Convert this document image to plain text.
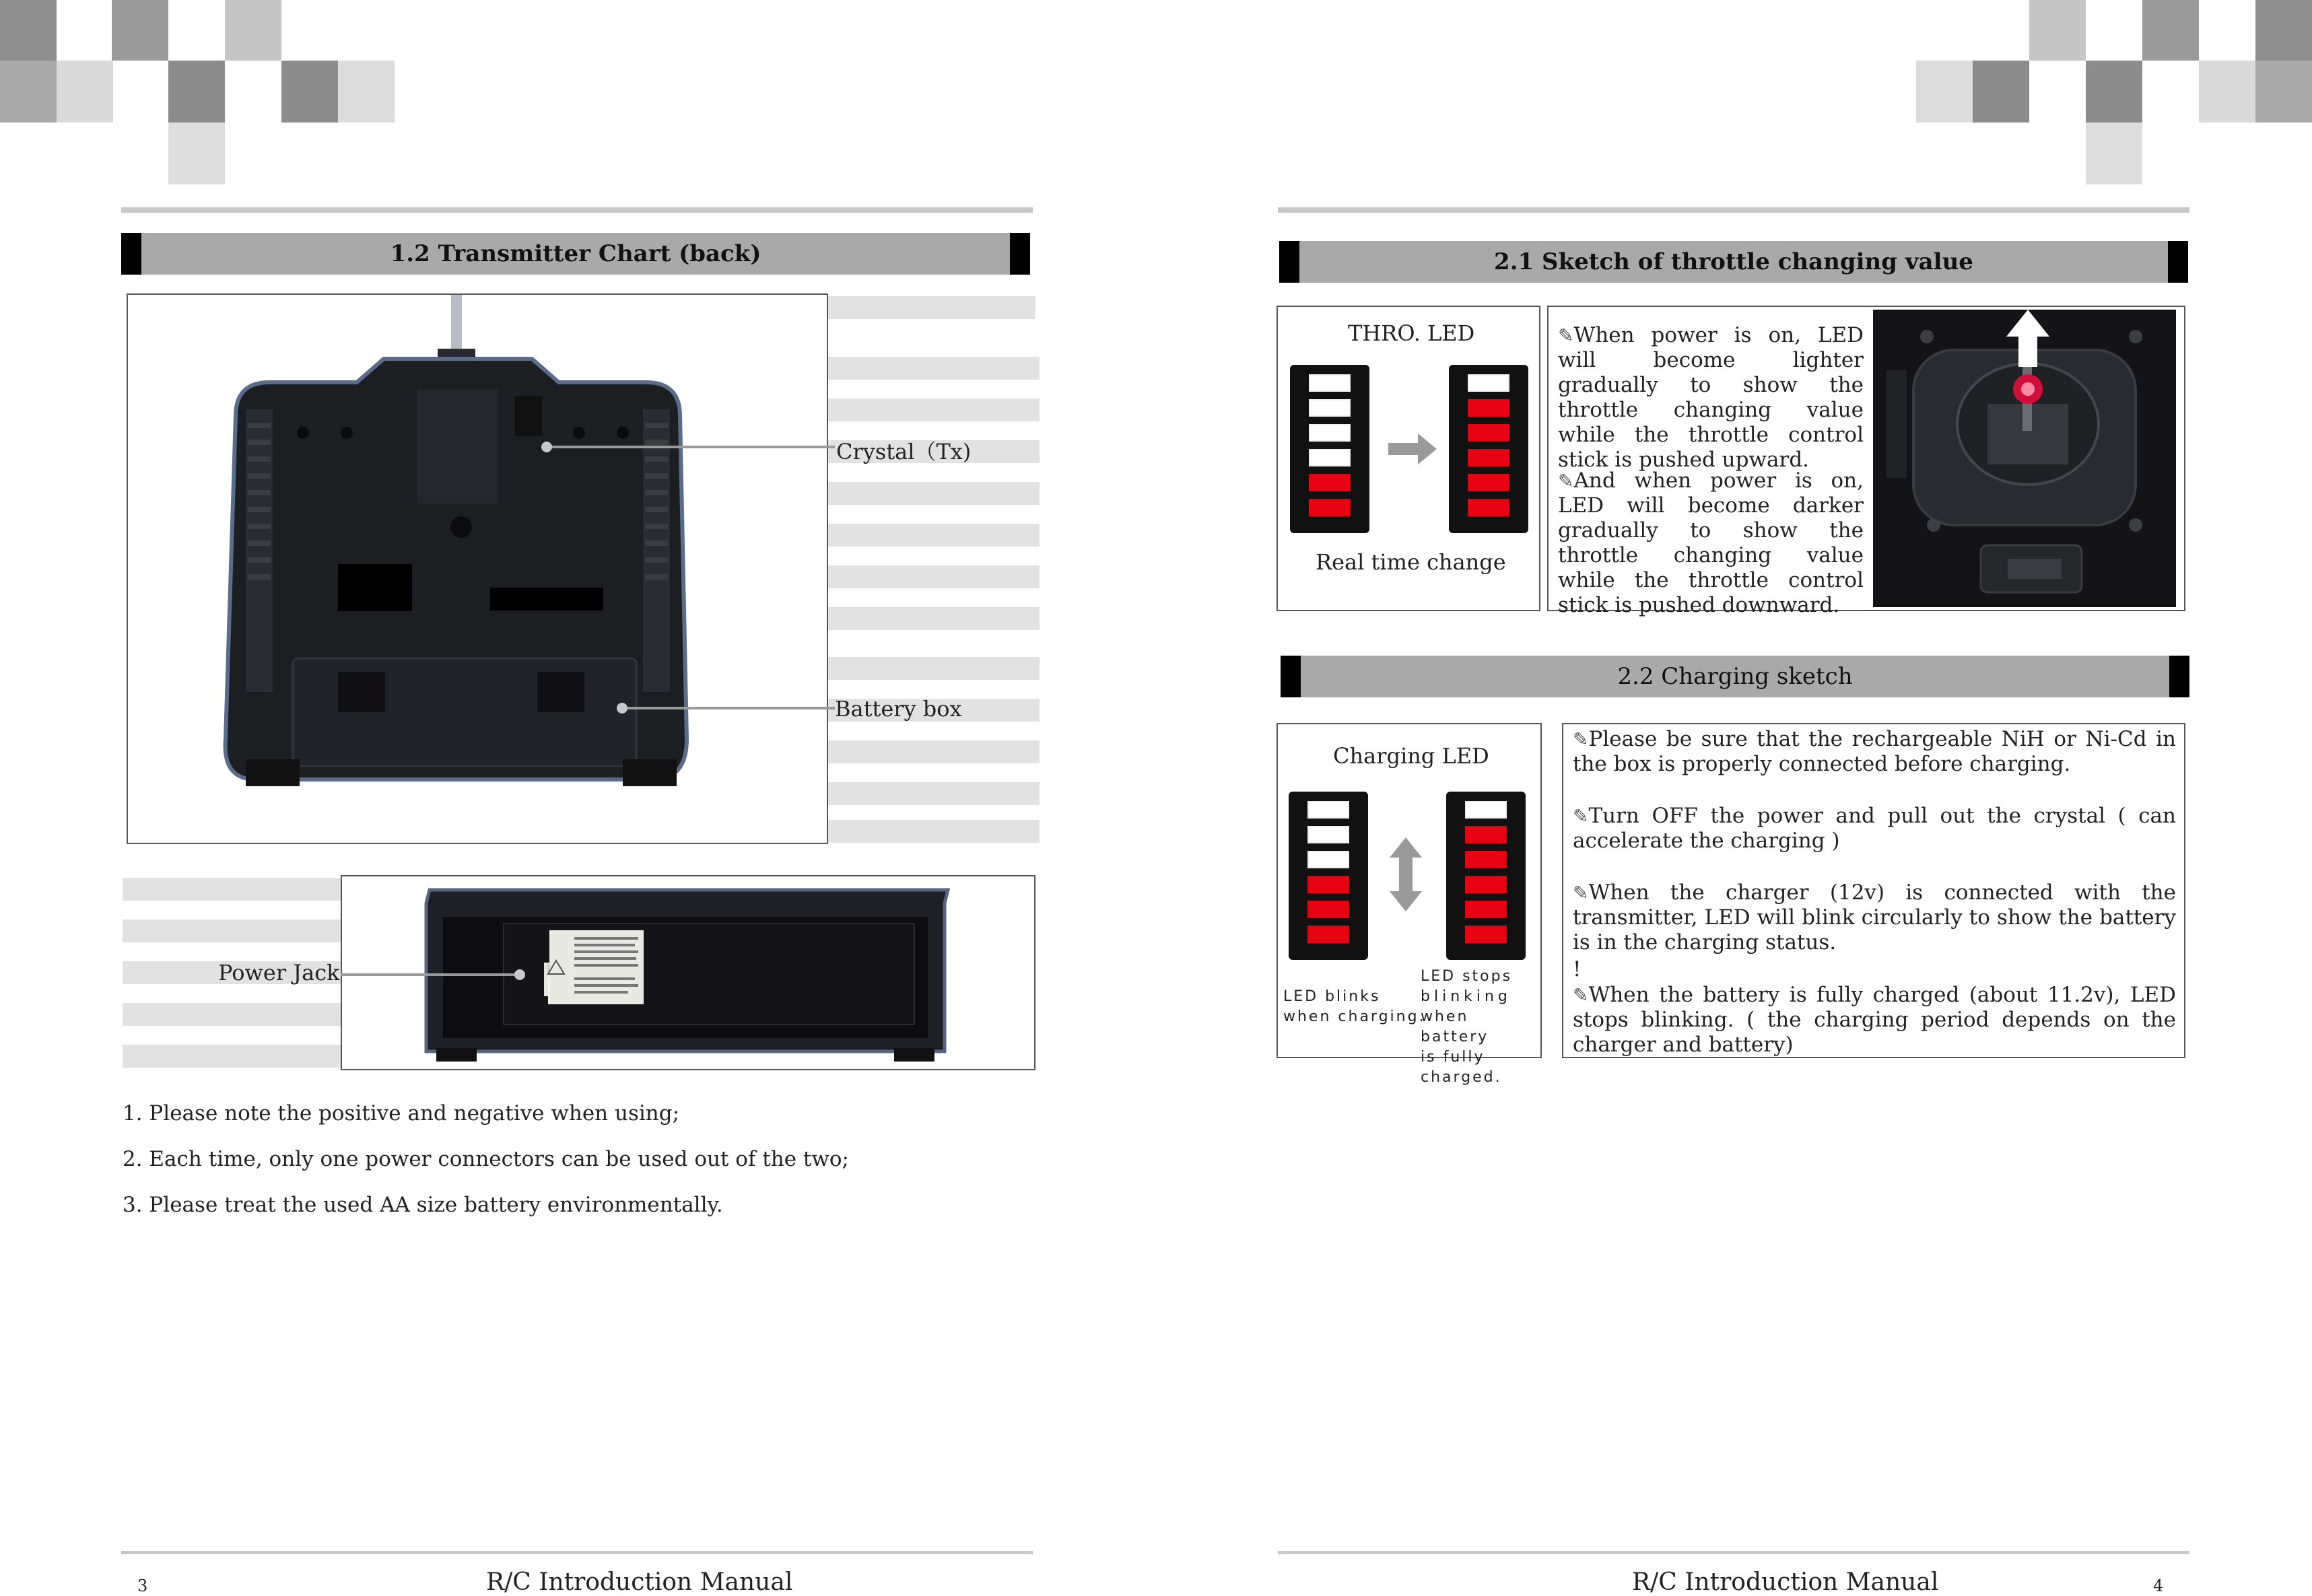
1.2 Transmitter Chart (back)
Crystal（Tx)
Battery box
Power Jack
1. Please note the positive and negative when using;
2. Each time, only one power connectors can be used out of the two;
3. Please treat the used AA size battery environmentally.
3	R/C Introduction Manual
2.1 Sketch of throttle changing value
THRO. LED
Real time change
✎When power is on, LED will become lighter gradually to show the throttle changing value while the throttle control stick is pushed upward.
✎And when power is on, LED will become darker gradually to show the throttle changing value while the throttle control stick is pushed downward.
2.2 Charging sketch
Charging LED
LED blinks
when charging.
LED stops
blinking
when battery
is fully charged.
✎Please be sure that the rechargeable NiH or Ni-Cd in the box is properly connected before charging.
✎Turn OFF the power and pull out the crystal ( can accelerate the charging )
✎When the charger (12v) is connected with the transmitter, LED will blink circularly to show the battery is in the charging status.
!
✎When the battery is fully charged (about 11.2v), LED stops blinking. ( the charging period depends on the charger and battery)
R/C Introduction Manual	4
